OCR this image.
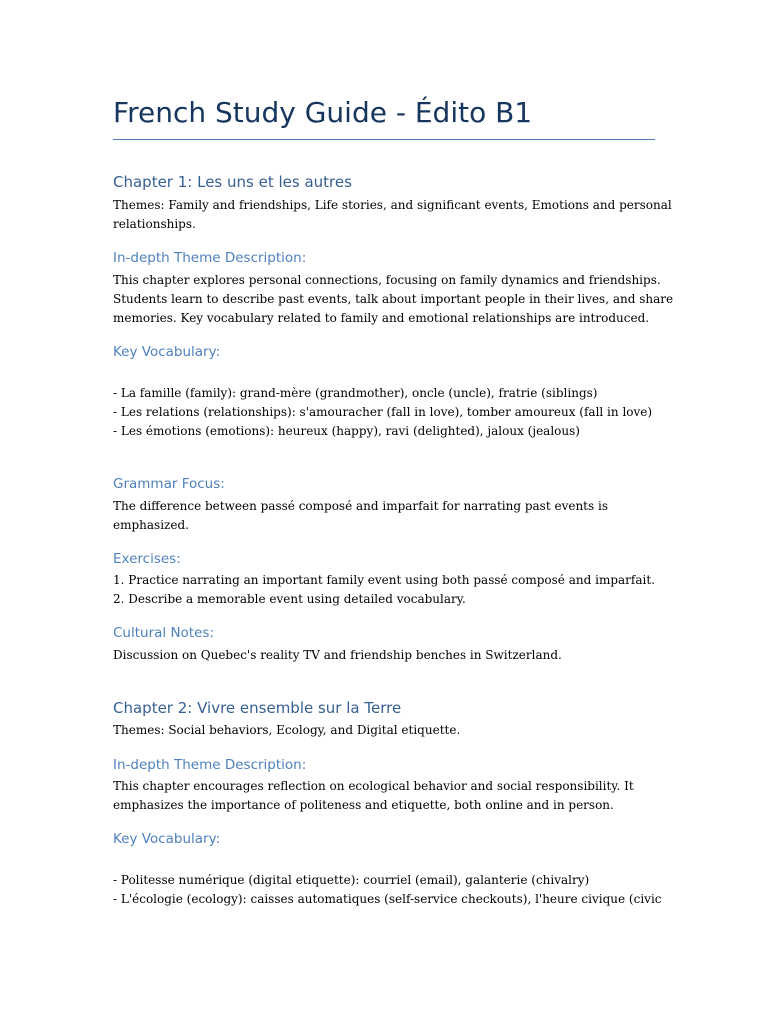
French Study Guide - Édito B1
Chapter 1: Les uns et les autres

Themes: Family and friendships, Life stories, and significant events, Emotions and personal
relationships.

In-depth Theme Description:

This chapter explores personal connections, focusing on family dynamics and friendships.
Students learn to describe past events, talk about important people in their lives, and share
memories. Key vocabulary related to family and emotional relationships are introduced.

Key Vocabulary:

- La famille (family): grand-mère (grandmother), oncle (uncle), fratrie (siblings)
- Les relations (relationships): s'amouracher (fall in love), tomber amoureux (fall in love)
- Les émotions (emotions): heureux (happy), ravi (delighted), jaloux (jealous)

Grammar Focus:

The difference between passé composé and imparfait for narrating past events is
emphasized.

Exercises:

1. Practice narrating an important family event using both passé composé and imparfait.
2. Describe a memorable event using detailed vocabulary.

Cultural Notes:

Discussion on Quebec's reality TV and friendship benches in Switzerland.

Chapter 2: Vivre ensemble sur la Terre

Themes: Social behaviors, Ecology, and Digital etiquette.

In-depth Theme Description:

This chapter encourages reflection on ecological behavior and social responsibility. It
emphasizes the importance of politeness and etiquette, both online and in person.

Key Vocabulary:

- Politesse numérique (digital etiquette): courriel (email), galanterie (chivalry)
- L'écologie (ecology): caisses automatiques (self-service checkouts), l'heure civique (civic
